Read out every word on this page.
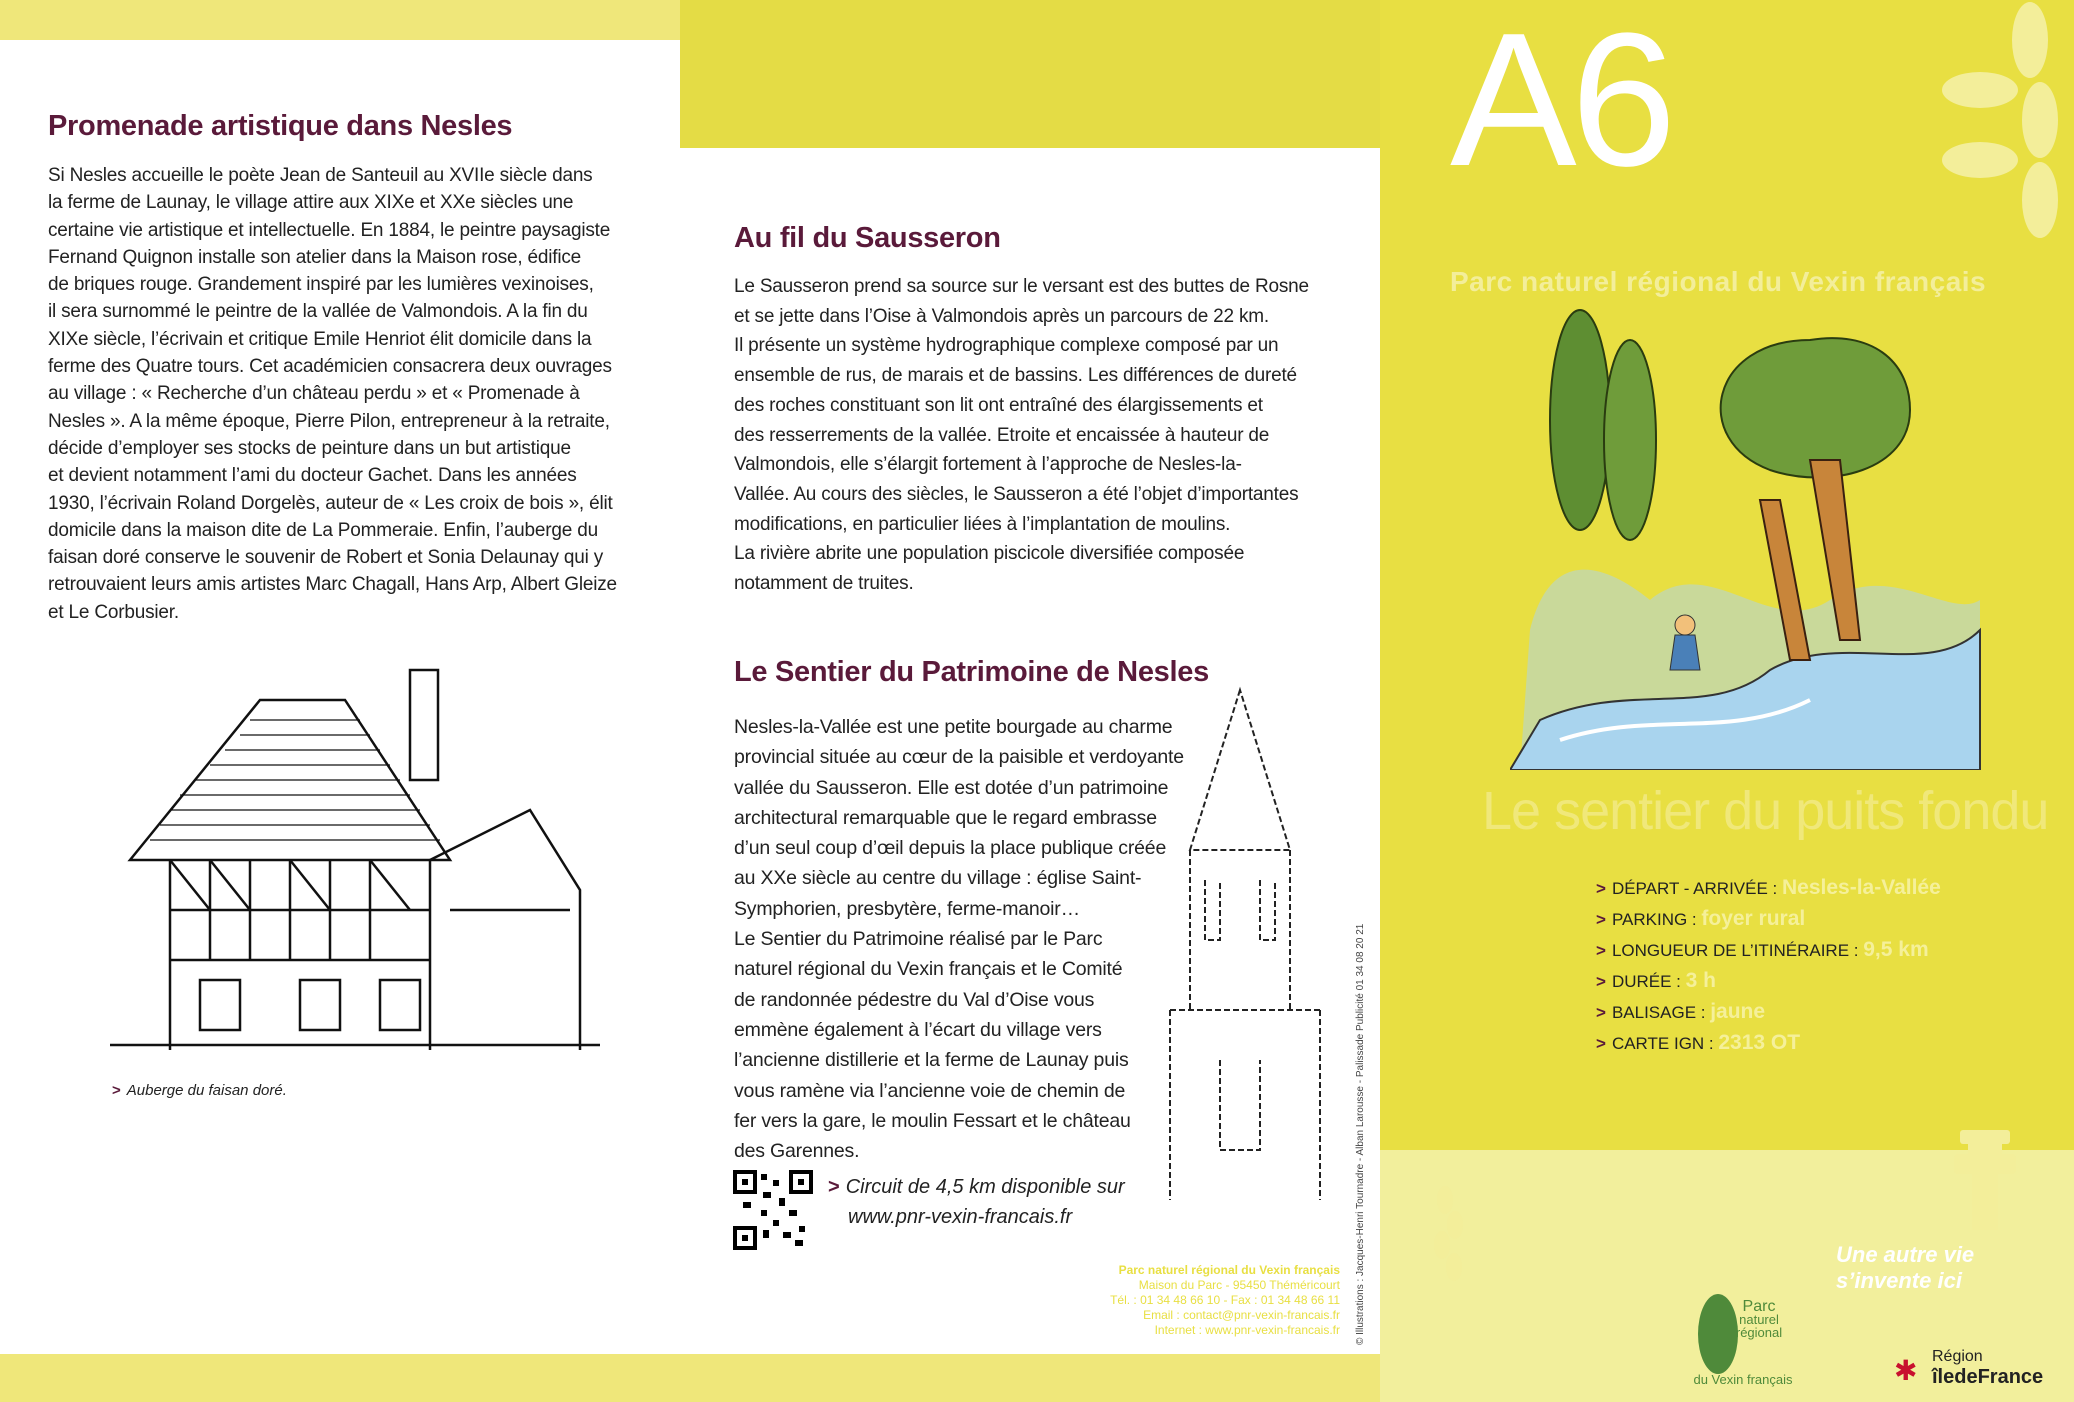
Promenade artistique dans Nesles
Si Nesles accueille le poète Jean de Santeuil au XVIIe siècle dans
la ferme de Launay, le village attire aux XIXe et XXe siècles une
certaine vie artistique et intellectuelle. En 1884, le peintre paysagiste
Fernand Quignon installe son atelier dans la Maison rose, édifice
de briques rouge. Grandement inspiré par les lumières vexinoises,
il sera surnommé le peintre de la vallée de Valmondois. A la fin du
XIXe siècle, l’écrivain et critique Emile Henriot élit domicile dans la
ferme des Quatre tours. Cet académicien consacrera deux ouvrages
au village : « Recherche d’un château perdu » et « Promenade à
Nesles ». A la même époque, Pierre Pilon, entrepreneur à la retraite,
décide d’employer ses stocks de peinture dans un but artistique
et devient notamment l’ami du docteur Gachet. Dans les années
1930, l’écrivain Roland Dorgelès, auteur de « Les croix de bois », élit
domicile dans la maison dite de La Pommeraie. Enfin, l’auberge du
faisan doré conserve le souvenir de Robert et Sonia Delaunay qui y
retrouvaient leurs amis artistes Marc Chagall, Hans Arp, Albert Gleize
et Le Corbusier.
> Auberge du faisan doré.
Au fil du Sausseron
Le Sausseron prend sa source sur le versant est des buttes de Rosne
et se jette dans l’Oise à Valmondois après un parcours de 22 km.
Il présente un système hydrographique complexe composé par un
ensemble de rus, de marais et de bassins. Les différences de dureté
des roches constituant son lit ont entraîné des élargissements et
des resserrements de la vallée. Etroite et encaissée à hauteur de
Valmondois, elle s’élargit fortement à l’approche de Nesles-la-
Vallée. Au cours des siècles, le Sausseron a été l’objet d’importantes
modifications, en particulier liées à l’implantation de moulins.
La rivière abrite une population piscicole diversifiée composée
notamment de truites.
Le Sentier du Patrimoine de Nesles
Nesles-la-Vallée est une petite bourgade au charme
provincial située au cœur de la paisible et verdoyante
vallée du Sausseron. Elle est dotée d’un patrimoine
architectural remarquable que le regard embrasse
d’un seul coup d’œil depuis la place publique créée
au XXe siècle au centre du village : église Saint-
Symphorien, presbytère, ferme-manoir…
Le Sentier du Patrimoine réalisé par le Parc
naturel régional du Vexin français et le Comité
de randonnée pédestre du Val d’Oise vous
emmène également à l’écart du village vers
l’ancienne distillerie et la ferme de Launay puis
vous ramène via l’ancienne voie de chemin de
fer vers la gare, le moulin Fessart et le château
des Garennes.
> Circuit de 4,5 km disponible sur
www.pnr-vexin-francais.fr
Parc naturel régional du Vexin français
Maison du Parc - 95450 Théméricourt
Tél. : 01 34 48 66 10 - Fax : 01 34 48 66 11
Email : contact@pnr-vexin-francais.fr
Internet : www.pnr-vexin-francais.fr © Illustrations : Jacques-Henri Tournadre - Alban Larousse - Palissade Publicité 01 34 08 20 21
A6
Parc naturel régional du Vexin français
Le sentier du puits fondu
> DÉPART - ARRIVÉE : Nesles-la-Vallée
> PARKING : foyer rural
> LONGUEUR DE L’ITINÉRAIRE : 9,5 km
> DURÉE : 3 h
> BALISAGE : jaune
> CARTE IGN : 2313 OT
Une autre vie s’invente ici
Parc
naturel
régional
du Vexin français	✱ Région
îledeFrance
